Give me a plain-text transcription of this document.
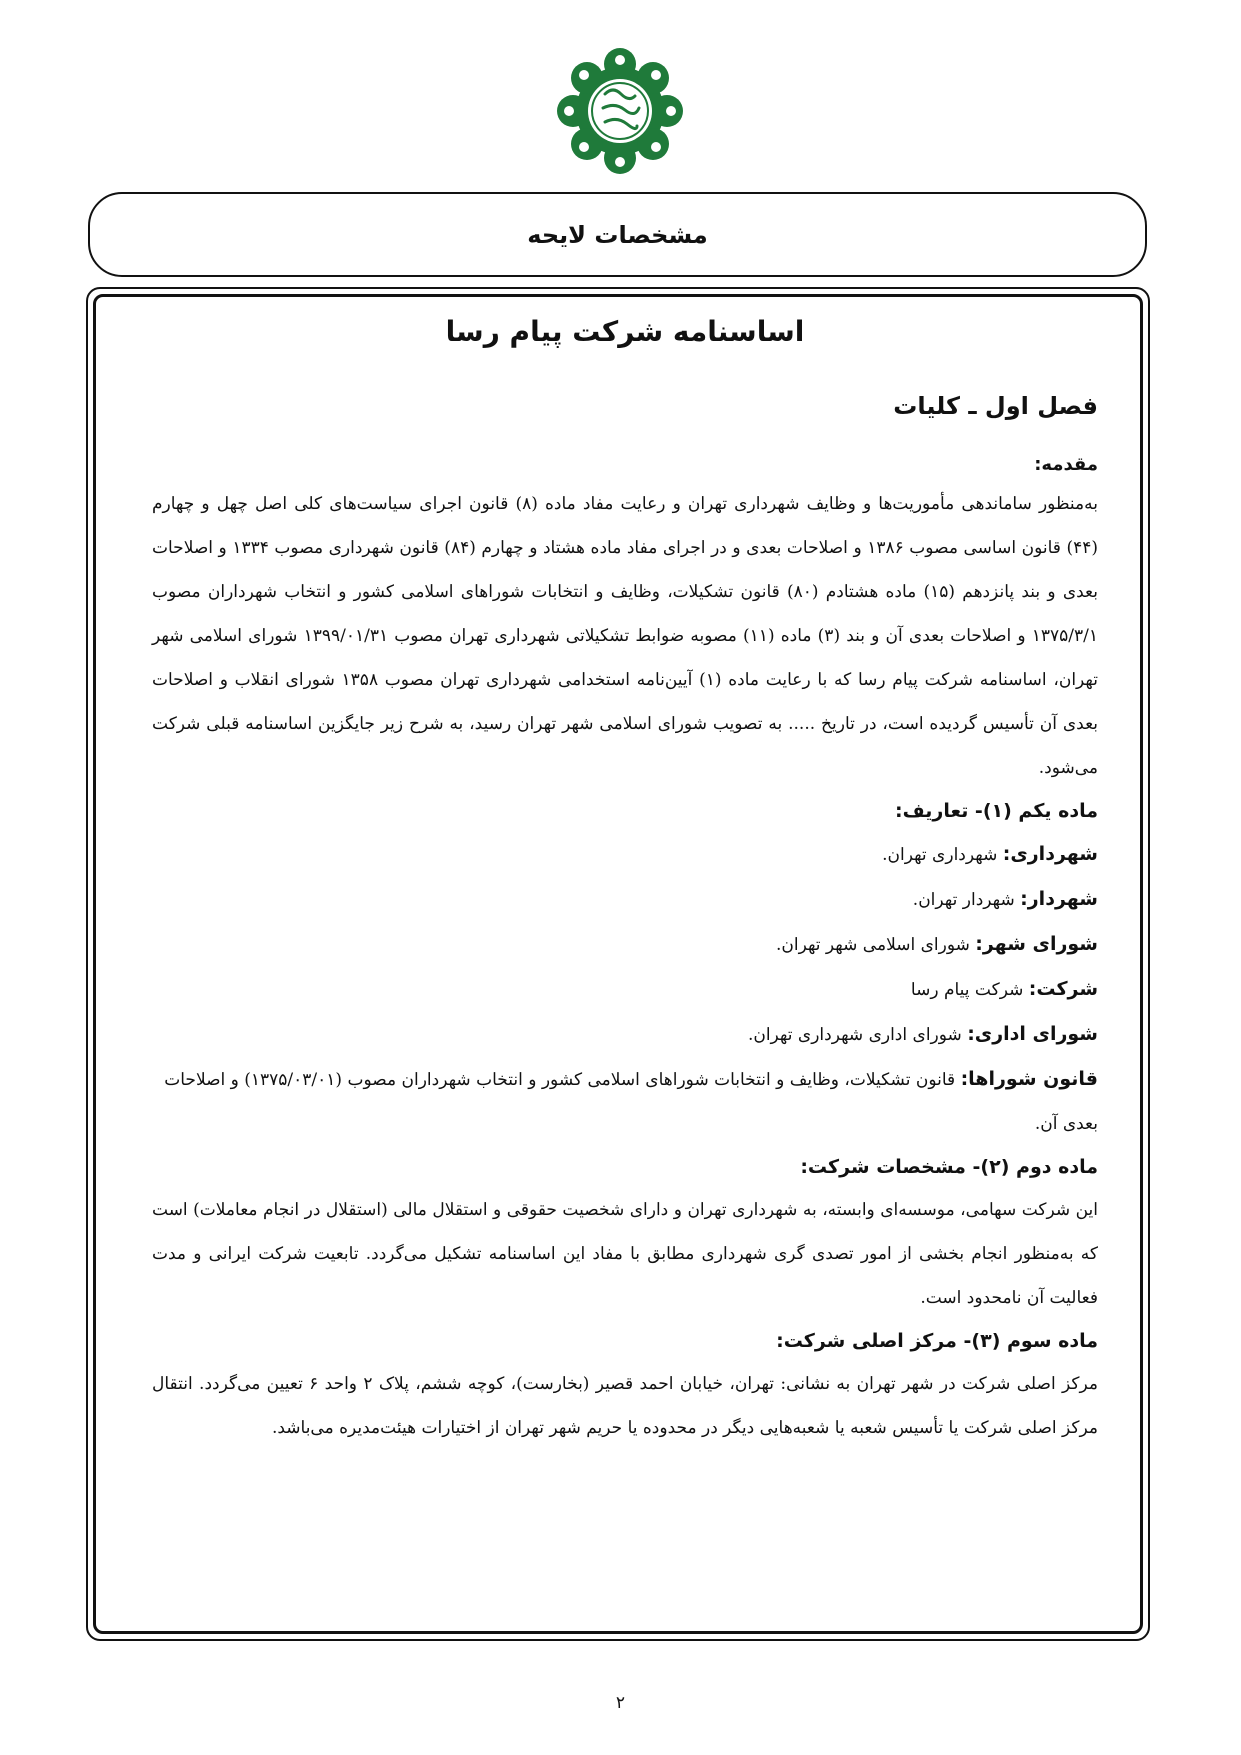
مشخصات لایحه
اساسنامه شرکت پیام رسا
فصل اول ـ کلیات
مقدمه:

به‌منظور ساماندهی مأموریت‌ها و وظایف شهرداری تهران و رعایت مفاد ماده (۸) قانون اجرای سیاست‌های کلی اصل چهل و چهارم (۴۴) قانون اساسی مصوب ۱۳۸۶ و اصلاحات بعدی و در اجرای مفاد ماده هشتاد و چهارم (۸۴) قانون شهرداری مصوب ۱۳۳۴ و اصلاحات بعدی و بند پانزدهم (۱۵) ماده هشتادم (۸۰) قانون تشکیلات، وظایف و انتخابات شوراهای اسلامی کشور و انتخاب شهرداران مصوب ۱۳۷۵/۳/۱ و اصلاحات بعدی آن و بند (۳) ماده (۱۱) مصوبه ضوابط تشکیلاتی شهرداری تهران مصوب ۱۳۹۹/۰۱/۳۱ شورای اسلامی شهر تهران، اساسنامه شرکت پیام رسا که با رعایت ماده (۱) آیین‌نامه استخدامی شهرداری تهران مصوب ۱۳۵۸ شورای انقلاب و اصلاحات بعدی آن تأسیس گردیده است، در تاریخ ..... به تصویب شورای اسلامی شهر تهران رسید، به شرح زیر جایگزین اساسنامه قبلی شرکت می‌شود.

ماده یکم (۱)- تعاریف:

شهرداری: شهرداری تهران.

شهردار: شهردار تهران.

شورای شهر: شورای اسلامی شهر تهران.

شرکت: شرکت پیام رسا

شورای اداری: شورای اداری شهرداری تهران.

قانون شوراها: قانون تشکیلات، وظایف و انتخابات شوراهای اسلامی کشور و انتخاب شهرداران مصوب (۱۳۷۵/۰۳/۰۱) و اصلاحات بعدی آن.

ماده دوم (۲)- مشخصات شرکت:

این شرکت سهامی، موسسه‌ای وابسته، به شهرداری تهران و دارای شخصیت حقوقی و استقلال مالی (استقلال در انجام معاملات) است که به‌منظور انجام بخشی از امور تصدی گری شهرداری مطابق با مفاد این اساسنامه تشکیل می‌گردد. تابعیت شرکت ایرانی و مدت فعالیت آن نامحدود است.

ماده سوم (۳)- مرکز اصلی شرکت:

مرکز اصلی شرکت در شهر تهران به نشانی: تهران، خیابان احمد قصیر (بخارست)، کوچه ششم، پلاک ۲ واحد ۶ تعیین می‌گردد. انتقال مرکز اصلی شرکت یا تأسیس شعبه یا شعبه‌هایی دیگر در محدوده یا حریم شهر تهران از اختیارات هیئت‌مدیره می‌باشد.

۲
